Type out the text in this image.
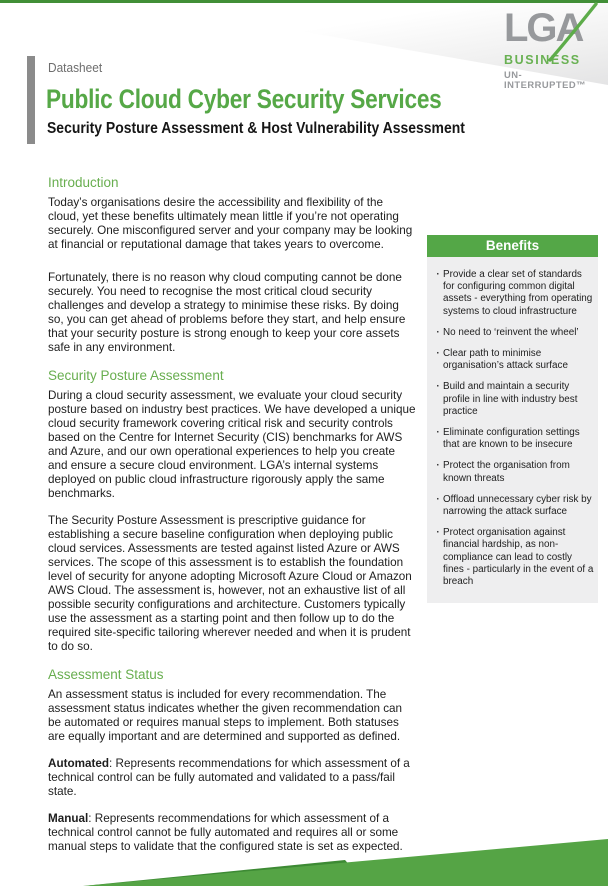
LGA
BUSINESS
UN-INTERRUPTED™
Datasheet
Public Cloud Cyber Security Services
Security Posture Assessment & Host Vulnerability Assessment
Introduction

Today’s organisations desire the accessibility and flexibility of the cloud, yet these benefits ultimately mean little if you’re not operating securely. One misconfigured server and your company may be looking at financial or reputational damage that takes years to overcome.

Fortunately, there is no reason why cloud computing cannot be done securely. You need to recognise the most critical cloud security challenges and develop a strategy to minimise these risks. By doing so, you can get ahead of problems before they start, and help ensure that your security posture is strong enough to keep your core assets safe in any environment.

Security Posture Assessment

During a cloud security assessment, we evaluate your cloud security posture based on industry best practices. We have developed a unique cloud security framework covering critical risk and security controls based on the Centre for Internet Security (CIS) benchmarks for AWS and Azure, and our own operational experiences to help you create and ensure a secure cloud environment. LGA’s internal systems deployed on public cloud infrastructure rigorously apply the same benchmarks.

The Security Posture Assessment is prescriptive guidance for establishing a secure baseline configuration when deploying public cloud services. Assessments are tested against listed Azure or AWS services. The scope of this assessment is to establish the foundation level of security for anyone adopting Microsoft Azure Cloud or Amazon AWS Cloud. The assessment is, however, not an exhaustive list of all possible security configurations and architecture. Customers typically use the assessment as a starting point and then follow up to do the required site-specific tailoring wherever needed and when it is prudent to do so.

Assessment Status

An assessment status is included for every recommendation. The assessment status indicates whether the given recommendation can be automated or requires manual steps to implement. Both statuses are equally important and are determined and supported as defined.

Automated: Represents recommendations for which assessment of a technical control can be fully automated and validated to a pass/fail state.

Manual: Represents recommendations for which assessment of a technical control cannot be fully automated and requires all or some manual steps to validate that the configured state is set as expected.

Benefits
· Provide a clear set of standards for configuring common digital assets - everything from operating systems to cloud infrastructure
· No need to ‘reinvent the wheel’
· Clear path to minimise organisation’s attack surface
· Build and maintain a security profile in line with industry best practice
· Eliminate configuration settings that are known to be insecure
· Protect the organisation from known threats
· Offload unnecessary cyber risk by narrowing the attack surface
· Protect organisation against financial hardship, as non-compliance can lead to costly fines - particularly in the event of a breach
